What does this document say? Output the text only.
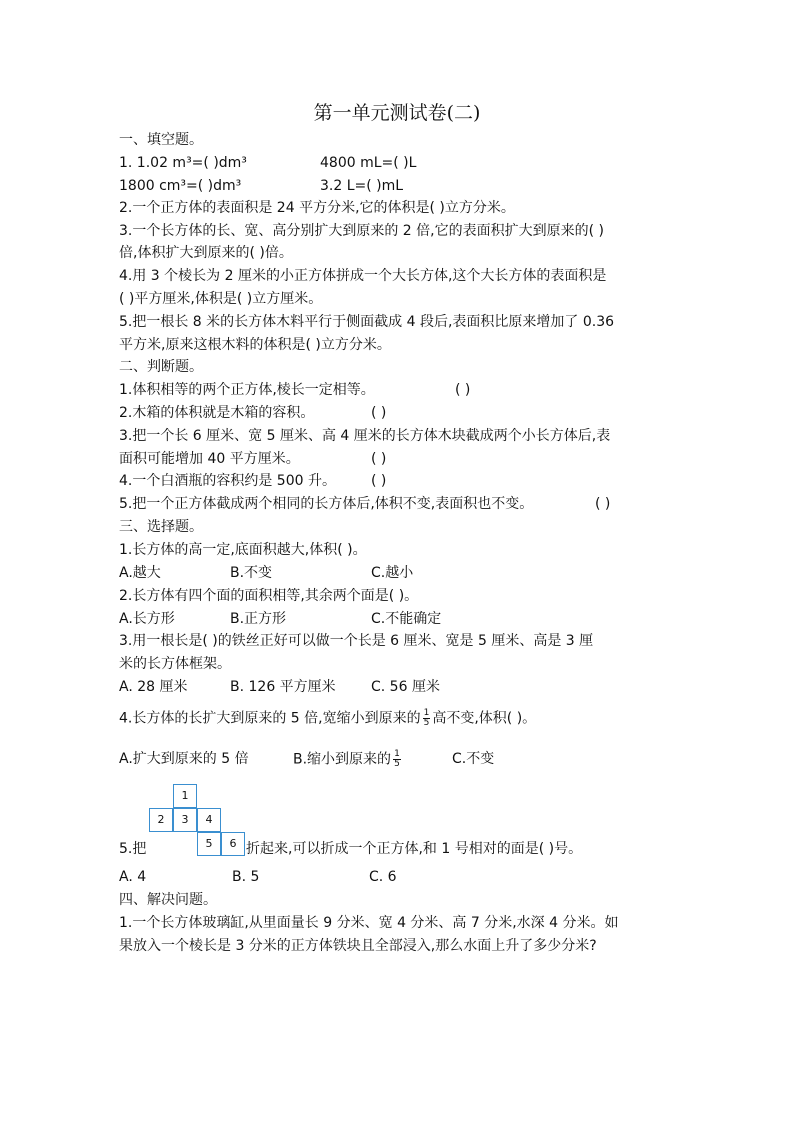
第一单元测试卷(二)
一、填空题。
1. 1.02 m³=( )dm³	4800 mL=( )L
1800 cm³=( )dm³	3.2 L=( )mL
2.一个正方体的表面积是 24 平方分米,它的体积是( )立方分米。
3.一个长方体的长、宽、高分别扩大到原来的 2 倍,它的表面积扩大到原来的( )
倍,体积扩大到原来的( )倍。
4.用 3 个棱长为 2 厘米的小正方体拼成一个大长方体,这个大长方体的表面积是
( )平方厘米,体积是( )立方厘米。
5.把一根长 8 米的长方体木料平行于侧面截成 4 段后,表面积比原来增加了 0.36
平方米,原来这根木料的体积是( )立方分米。
二、判断题。
1.体积相等的两个正方体,棱长一定相等。	( )
2.木箱的体积就是木箱的容积。	( )
3.把一个长 6 厘米、宽 5 厘米、高 4 厘米的长方体木块截成两个小长方体后,表
面积可能增加 40 平方厘米。	( )
4.一个白酒瓶的容积约是 500 升。	( )
5.把一个正方体截成两个相同的长方体后,体积不变,表面积也不变。	( )
三、选择题。
1.长方体的高一定,底面积越大,体积( )。
A.越大	B.不变	C.越小
2.长方体有四个面的面积相等,其余两个面是( )。
A.长方形	B.正方形	C.不能确定
3.用一根长是( )的铁丝正好可以做一个长是 6 厘米、宽是 5 厘米、高是 3 厘
米的长方体框架。
A. 28 厘米	B. 126 平方厘米	C. 56 厘米
4.长方体的长扩大到原来的 5 倍,宽缩小到原来的 $\frac{1}{5}$ 高不变,体积( )。
A.扩大到原来的 5 倍	B.缩小到原来的 $\frac{1}{5}$	C.不变
1
2	3	4
5	6
5.把	折起来,可以折成一个正方体,和 1 号相对的面是( )号。
A. 4	B. 5	C. 6
四、解决问题。
1.一个长方体玻璃缸,从里面量长 9 分米、宽 4 分米、高 7 分米,水深 4 分米。如
果放入一个棱长是 3 分米的正方体铁块且全部浸入,那么水面上升了多少分米?
